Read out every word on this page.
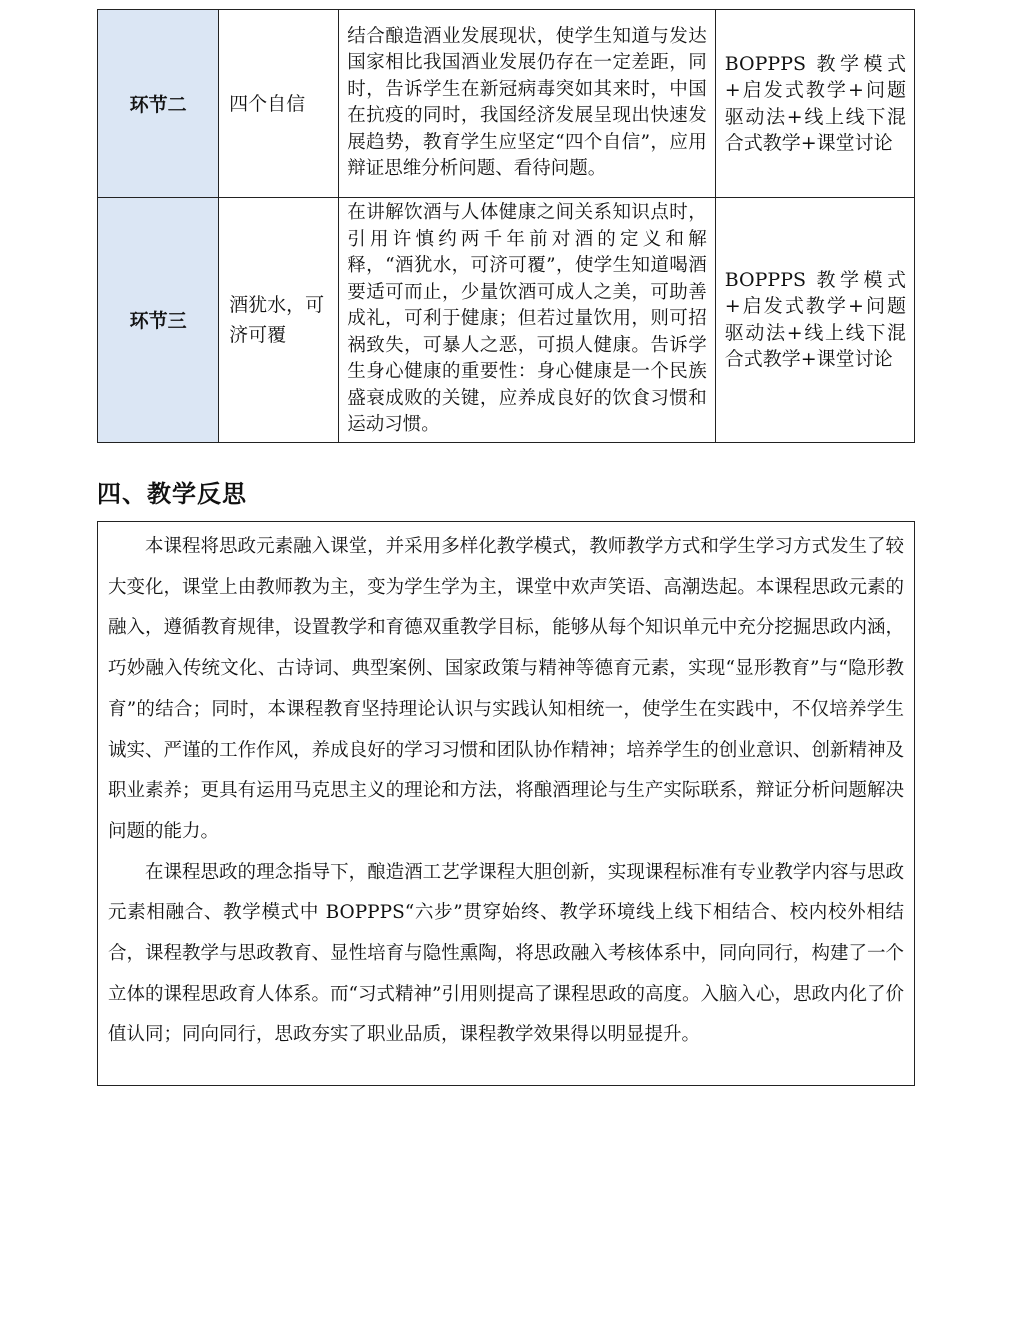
环节二	四个自信	结合酿造酒业发展现状，使学生知道与发达国家相比我国酒业发展仍存在一定差距，同时，告诉学生在新冠病毒突如其来时，中国在抗疫的同时，我国经济发展呈现出快速发展趋势，教育学生应坚定“四个自信”，应用辩证思维分析问题、看待问题。	BOPPPS 教学模式+启发式教学+问题驱动法+线上线下混合式教学+课堂讨论
环节三	酒犹水，可济可覆	在讲解饮酒与人体健康之间关系知识点时，引用许慎约两千年前对酒的定义和解释，“酒犹水，可济可覆”，使学生知道喝酒要适可而止，少量饮酒可成人之美，可助善成礼，可利于健康；但若过量饮用，则可招祸致失，可暴人之恶，可损人健康。告诉学生身心健康的重要性：身心健康是一个民族盛衰成败的关键，应养成良好的饮食习惯和运动习惯。	BOPPPS 教学模式+启发式教学+问题驱动法+线上线下混合式教学+课堂讨论
四、教学反思

本课程将思政元素融入课堂，并采用多样化教学模式，教师教学方式和学生学习方式发生了较大变化，课堂上由教师教为主，变为学生学为主，课堂中欢声笑语、高潮迭起。本课程思政元素的融入，遵循教育规律，设置教学和育德双重教学目标，能够从每个知识单元中充分挖掘思政内涵，巧妙融入传统文化、古诗词、典型案例、国家政策与精神等德育元素，实现“显形教育”与“隐形教育”的结合；同时，本课程教育坚持理论认识与实践认知相统一，使学生在实践中，不仅培养学生诚实、严谨的工作作风，养成良好的学习习惯和团队协作精神；培养学生的创业意识、创新精神及职业素养；更具有运用马克思主义的理论和方法，将酿酒理论与生产实际联系，辩证分析问题解决问题的能力。

在课程思政的理念指导下，酿造酒工艺学课程大胆创新，实现课程标准有专业教学内容与思政元素相融合、教学模式中 BOPPPS“六步”贯穿始终、教学环境线上线下相结合、校内校外相结合，课程教学与思政教育、显性培育与隐性熏陶，将思政融入考核体系中，同向同行，构建了一个立体的课程思政育人体系。而“习式精神”引用则提高了课程思政的高度。入脑入心，思政内化了价值认同；同向同行，思政夯实了职业品质，课程教学效果得以明显提升。
